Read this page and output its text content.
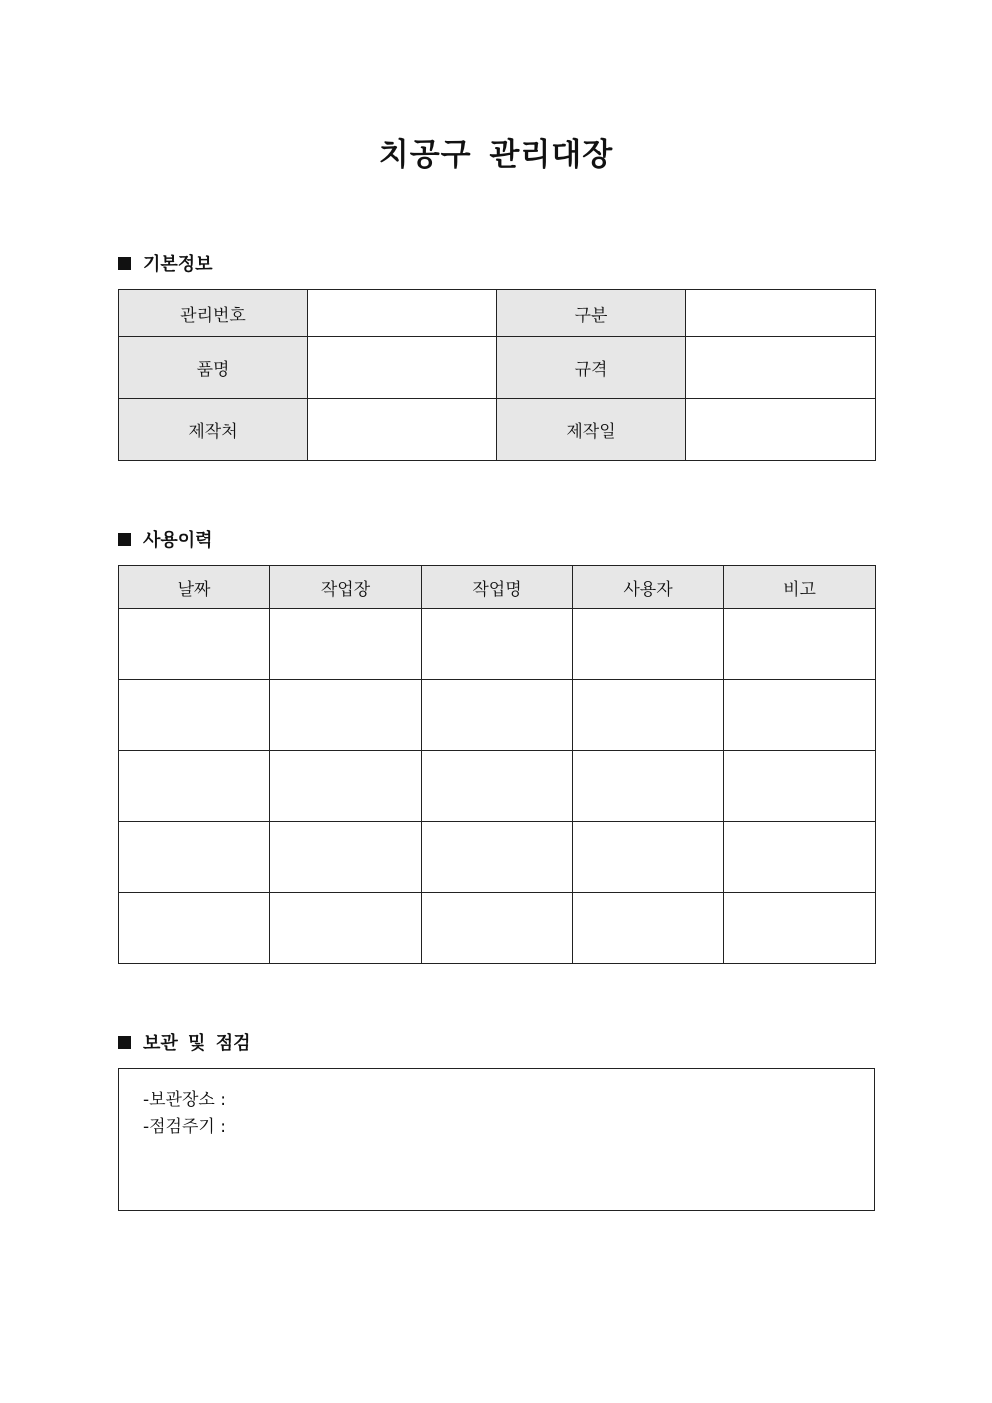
치공구 관리대장
기본정보
관리번호		구분	
품명		규격	
제작처		제작일	
사용이력
날짜	작업장	작업명	사용자	비고

보관 및 점검
-보관장소 :
-점검주기 :
